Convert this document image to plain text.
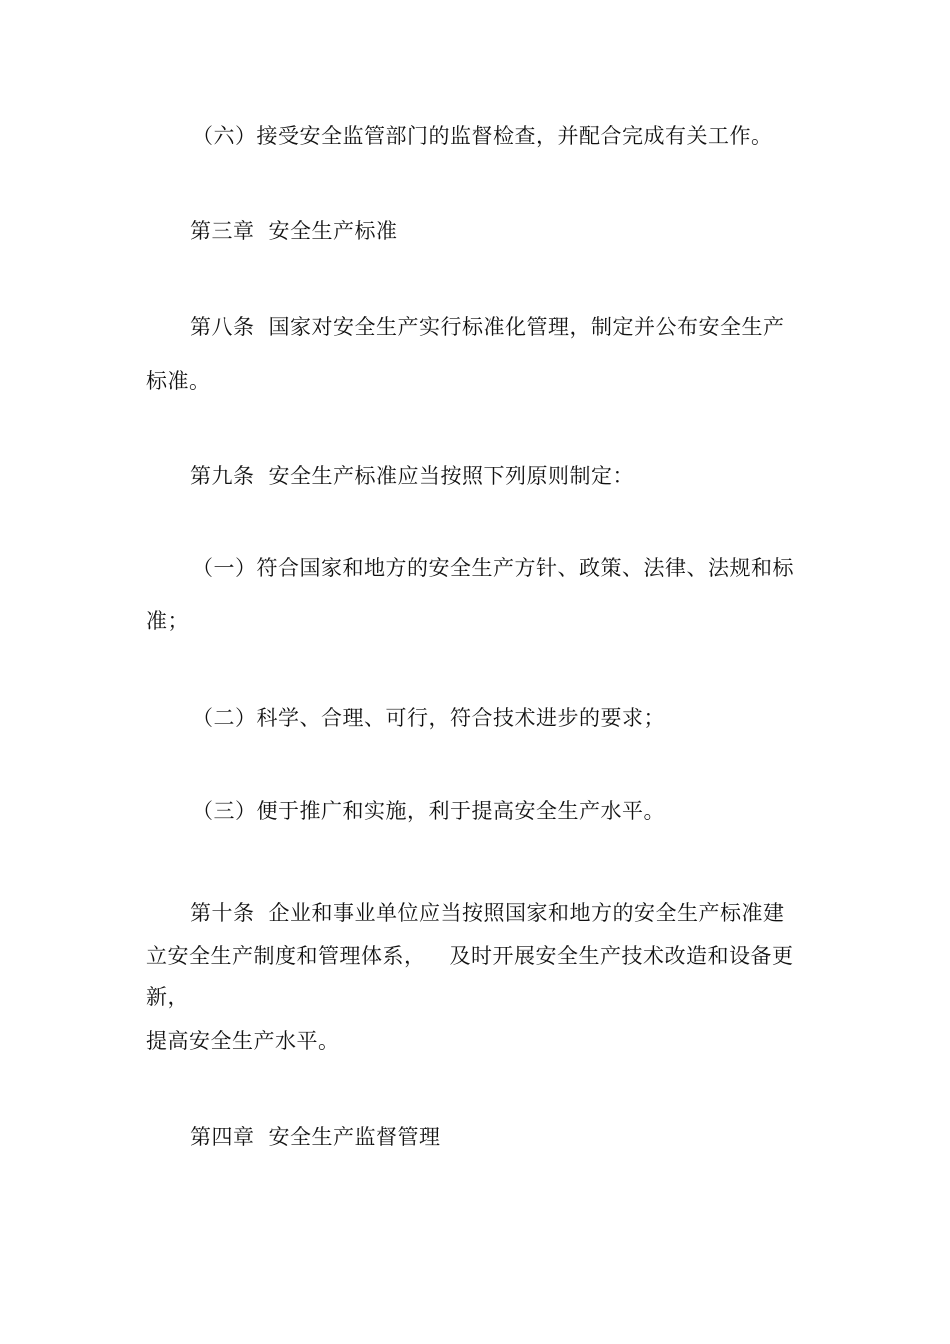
（六）接受安全监管部门的监督检查，并配合完成有关工作。
第三章 安全生产标准
第八条 国家对安全生产实行标准化管理，制定并公布安全生产
标准。
第九条 安全生产标准应当按照下列原则制定：
（一）符合国家和地方的安全生产方针、政策、法律、法规和标
准；
（二）科学、合理、可行，符合技术进步的要求；
（三）便于推广和实施，利于提高安全生产水平。
第十条 企业和事业单位应当按照国家和地方的安全生产标准建
立安全生产制度和管理体系， 及时开展安全生产技术改造和设备更
新，
提高安全生产水平。
第四章 安全生产监督管理
